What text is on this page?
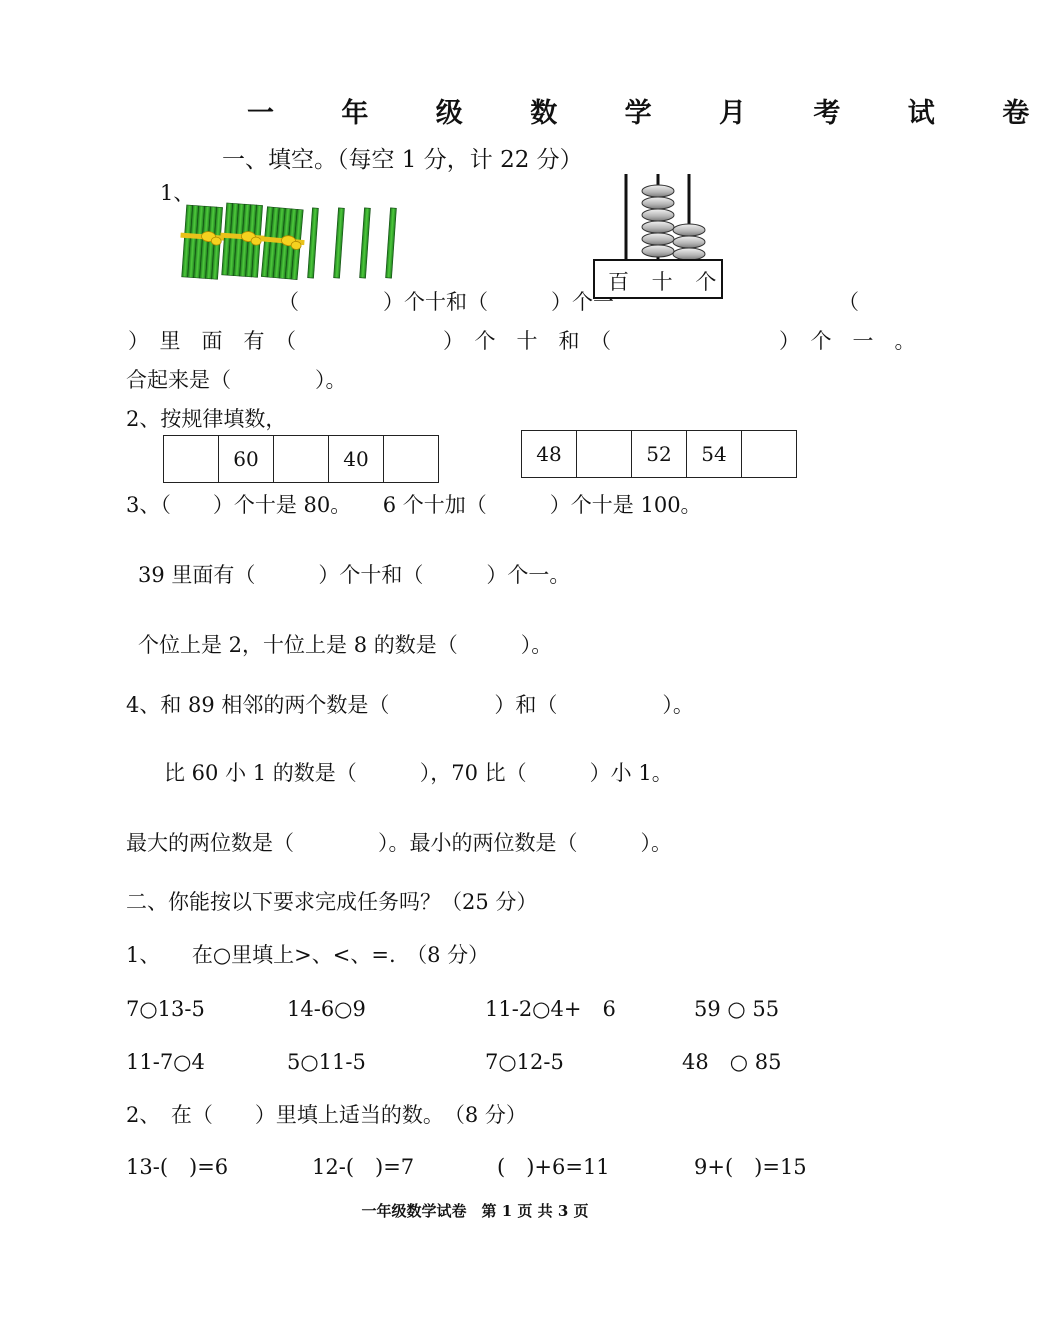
一 年 级 数 学 月 考 试 卷
一、填空。（每空 1 分，计 22 分）
1、
百 十 个
（　　　　）个十和（　　　）个一	（
）　里　面　有　（　　　　　　　）　个　十　和　（　　　　　　　　）　个　一　。
合起来是（　　　　）。
2、按规律填数，
	60		40		48		52	54	
3、（　　）个十是 80。　　6 个十加（　　　）个十是 100。
39 里面有（　　　）个十和（　　　）个一。
个位上是 2，十位上是 8 的数是（　　　）。
4、和 89 相邻的两个数是（　　　　　）和（　　　　　）。
比 60 小 1 的数是（　　　），70 比（　　　）小 1。
最大的两位数是（　　　　）。最小的两位数是（　　　）。
二、你能按以下要求完成任务吗？（25 分）
1、　　在○里填上>、<、=.　（8 分）
7○13-5	14-6○9	11-2○4+　6	59 ○ 55
11-7○4	5○11-5	7○12-5	48　○ 85
2、　在（　　）里填上适当的数。　（8 分）
13-(　)=6	12-(　)=7	(　)+6=11	9+(　)=15
一年级数学试卷　第 1 页 共 3 页
